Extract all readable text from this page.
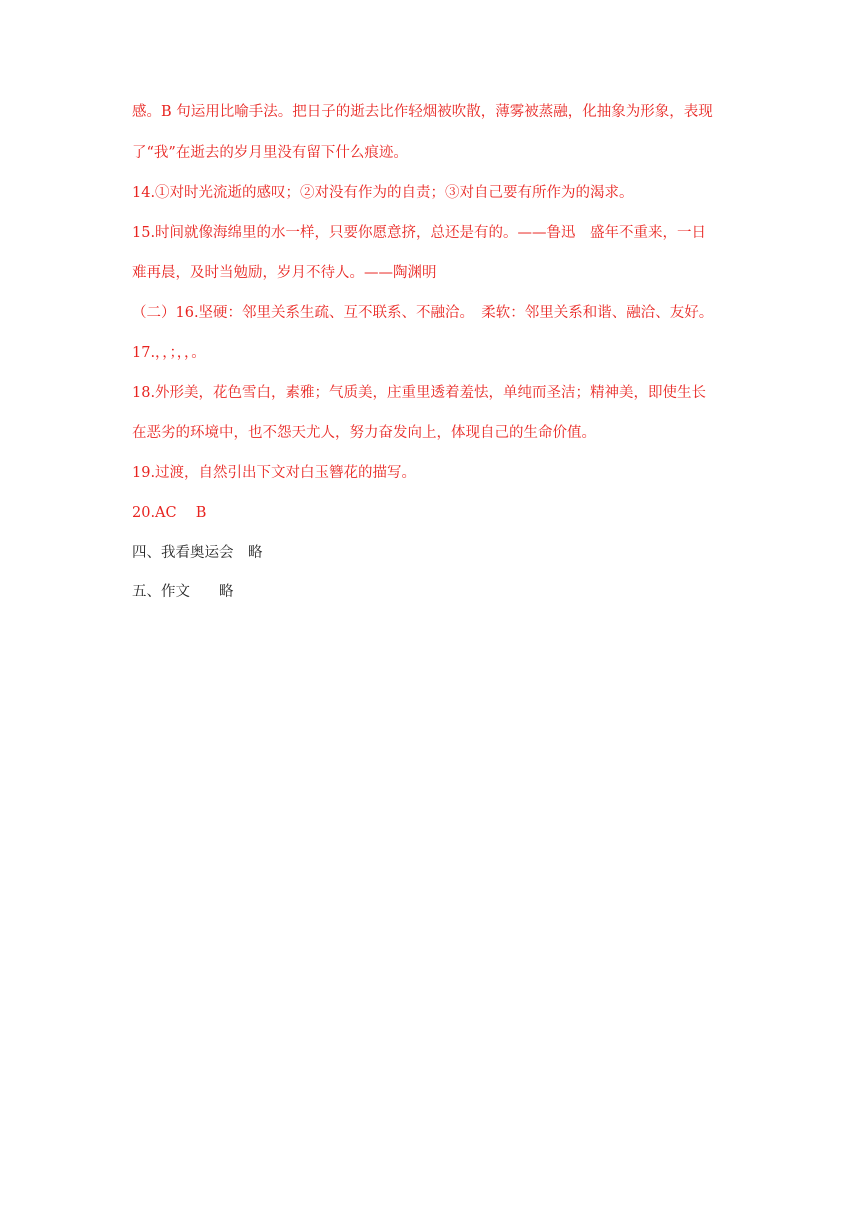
感。B 句运用比喻手法。把日子的逝去比作轻烟被吹散，薄雾被蒸融，化抽象为形象，表现
了“我”在逝去的岁月里没有留下什么痕迹。
14.①对时光流逝的感叹；②对没有作为的自责；③对自己要有所作为的渴求。
15.时间就像海绵里的水一样，只要你愿意挤，总还是有的。——鲁迅　盛年不重来，一日
难再晨，及时当勉励，岁月不待人。——陶渊明
（二）16.坚硬：邻里关系生疏、互不联系、不融洽。　柔软：邻里关系和谐、融洽、友好。
17.，，；，，。
18.外形美，花色雪白，素雅；气质美，庄重里透着羞怯，单纯而圣洁；精神美，即使生长
在恶劣的环境中，也不怨天尤人，努力奋发向上，体现自己的生命价值。
19.过渡，自然引出下文对白玉簪花的描写。
20.AC　 B
四、我看奥运会　略
五、作文　　略
